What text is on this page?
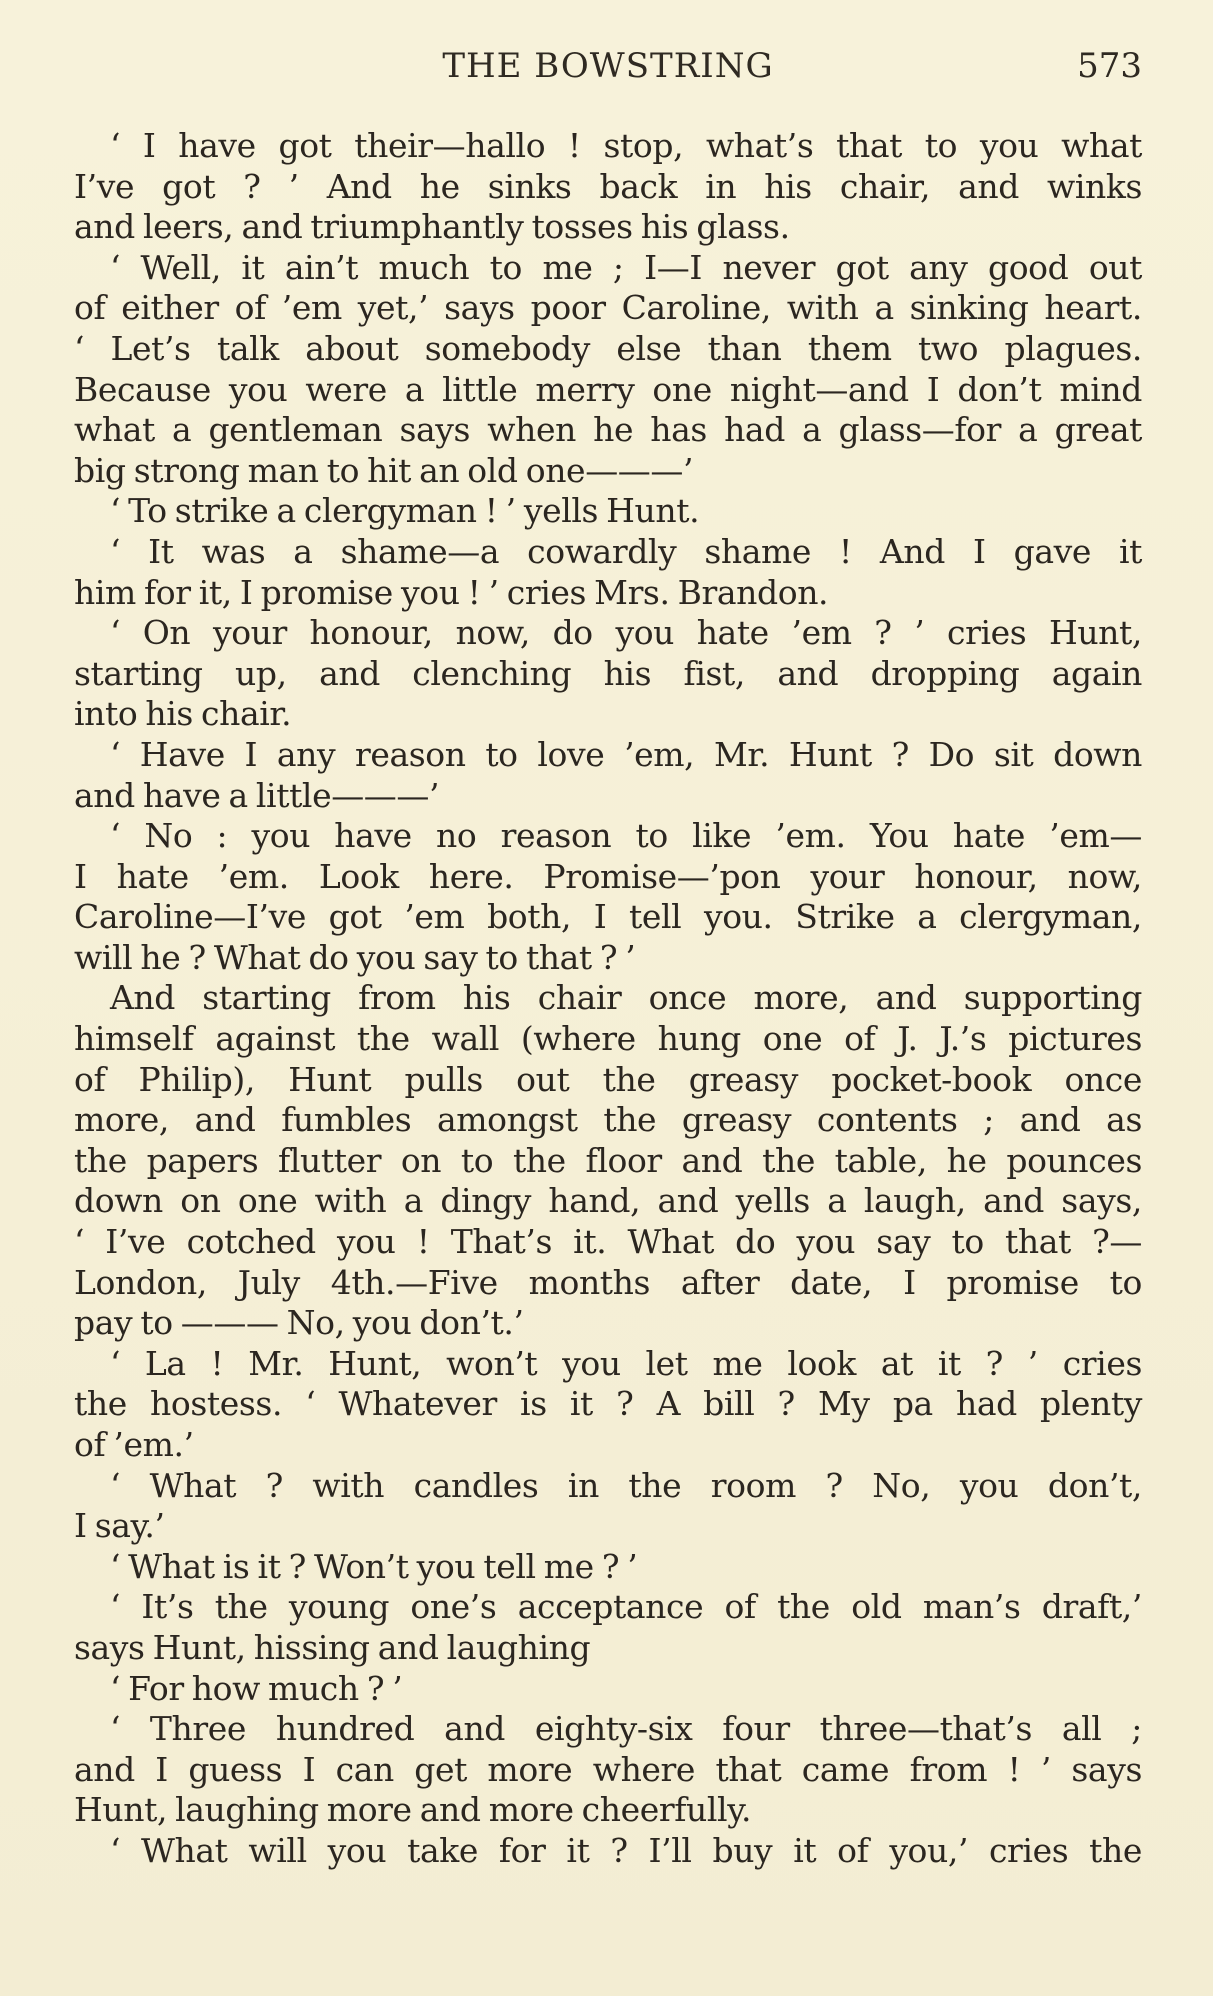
THE BOWSTRING	573
‘ I have got their—hallo ! stop, what’s that to you what
I’ve got ? ’ And he sinks back in his chair, and winks
and leers, and triumphantly tosses his glass.
‘ Well, it ain’t much to me ; I—I never got any good out
of either of ’em yet,’ says poor Caroline, with a sinking heart.
‘ Let’s talk about somebody else than them two plagues.
Because you were a little merry one night—and I don’t mind
what a gentleman says when he has had a glass—for a great
big strong man to hit an old one———’
‘ To strike a clergyman ! ’ yells Hunt.
‘ It was a shame—a cowardly shame ! And I gave it
him for it, I promise you ! ’ cries Mrs. Brandon.
‘ On your honour, now, do you hate ’em ? ’ cries Hunt,
starting up, and clenching his fist, and dropping again
into his chair.
‘ Have I any reason to love ’em, Mr. Hunt ? Do sit down
and have a little———’
‘ No : you have no reason to like ’em. You hate ’em—
I hate ’em. Look here. Promise—’pon your honour, now,
Caroline—I’ve got ’em both, I tell you. Strike a clergyman,
will he ? What do you say to that ? ’
And starting from his chair once more, and supporting
himself against the wall (where hung one of J. J.’s pictures
of Philip), Hunt pulls out the greasy pocket-book once
more, and fumbles amongst the greasy contents ; and as
the papers flutter on to the floor and the table, he pounces
down on one with a dingy hand, and yells a laugh, and says,
‘ I’ve cotched you ! That’s it. What do you say to that ?—
London, July 4th.—Five months after date, I promise to
pay to ——— No, you don’t.’
‘ La ! Mr. Hunt, won’t you let me look at it ? ’ cries
the hostess. ‘ Whatever is it ? A bill ? My pa had plenty
of ’em.’
‘ What ? with candles in the room ? No, you don’t,
I say.’
‘ What is it ? Won’t you tell me ? ’
‘ It’s the young one’s acceptance of the old man’s draft,’
says Hunt, hissing and laughing
‘ For how much ? ’
‘ Three hundred and eighty-six four three—that’s all ;
and I guess I can get more where that came from ! ’ says
Hunt, laughing more and more cheerfully.
‘ What will you take for it ? I’ll buy it of you,’ cries the
